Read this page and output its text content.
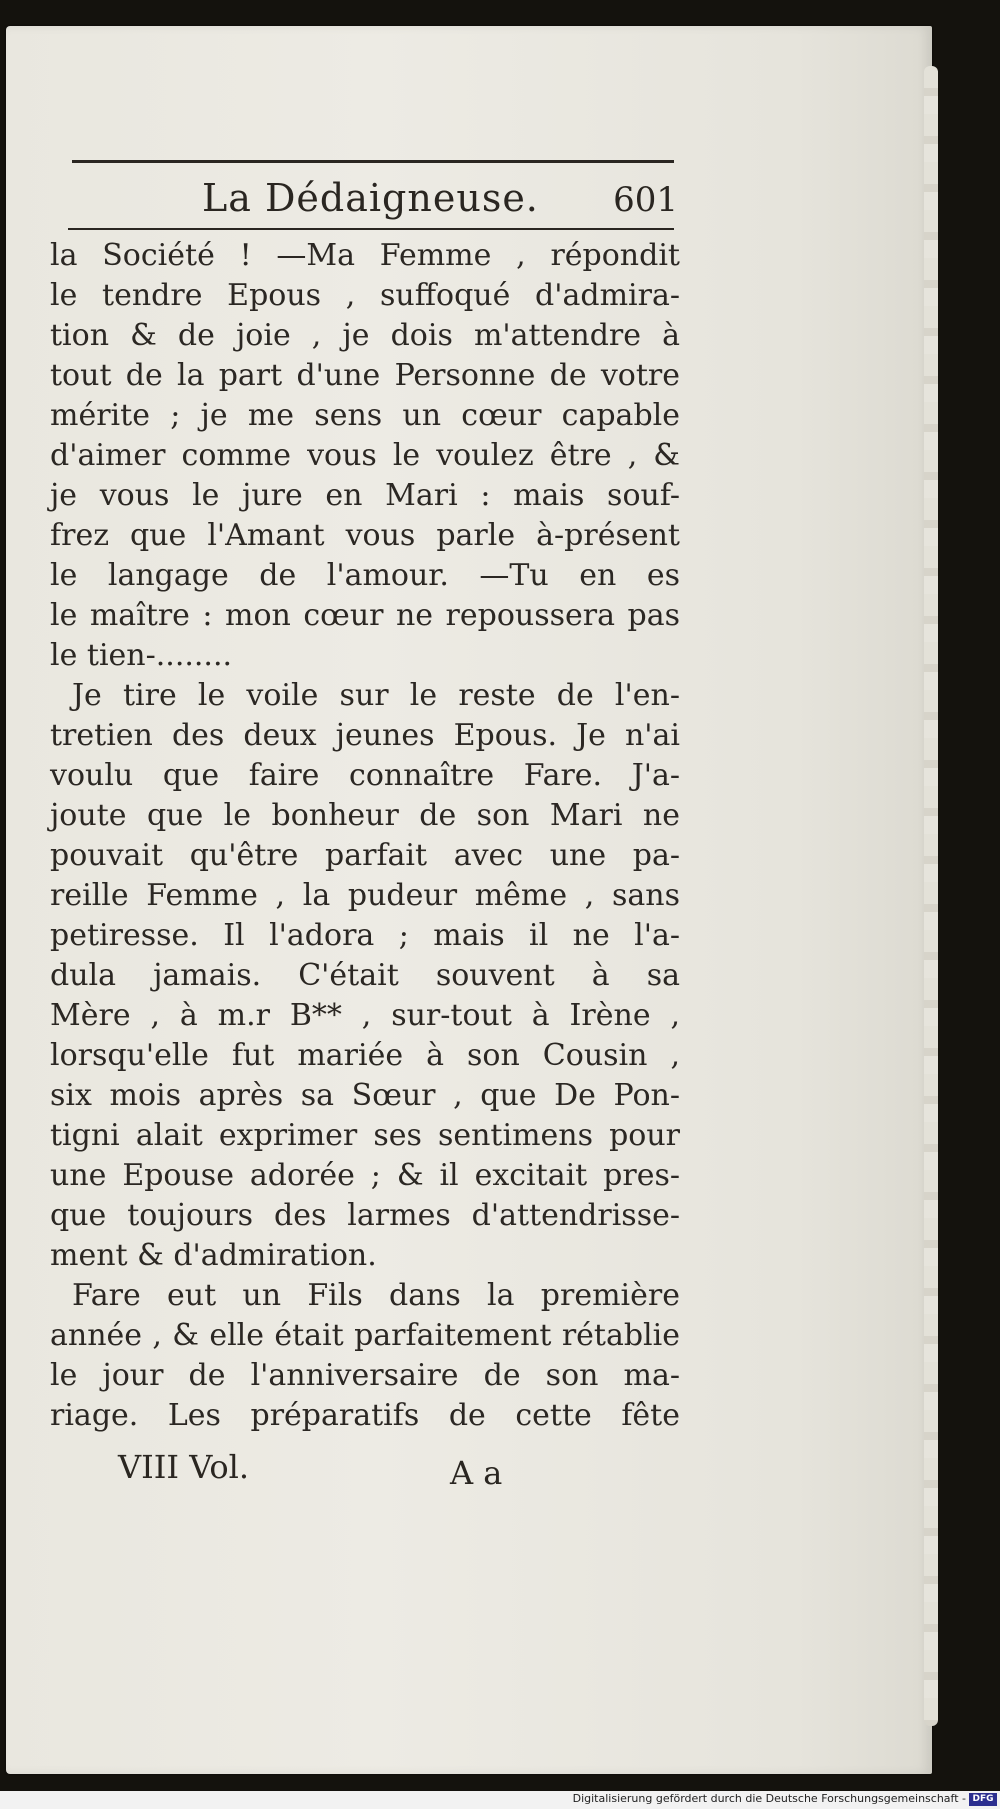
La Dédaigneuse. 601
la Société ! —Ma Femme , répondit
le tendre Epous , suffoqué d'admira-
tion & de joie , je dois m'attendre à
tout de la part d'une Personne de votre
mérite ; je me sens un cœur capable
d'aimer comme vous le voulez être , &
je vous le jure en Mari : mais souf-
frez que l'Amant vous parle à-présent
le langage de l'amour. —Tu en es
le maître : mon cœur ne repoussera pas
le tien-........
Je tire le voile sur le reste de l'en-
tretien des deux jeunes Epous. Je n'ai
voulu que faire connaître Fare. J'a-
joute que le bonheur de son Mari ne
pouvait qu'être parfait avec une pa-
reille Femme , la pudeur même , sans
petiresse. Il l'adora ; mais il ne l'a-
dula jamais. C'était souvent à sa
Mère , à m.r B** , sur-tout à Irène ,
lorsqu'elle fut mariée à son Cousin ,
six mois après sa Sœur , que De Pon-
tigni alait exprimer ses sentimens pour
une Epouse adorée ; & il excitait pres-
que toujours des larmes d'attendrisse-
ment & d'admiration.
Fare eut un Fils dans la première
année , & elle était parfaitement rétablie
le jour de l'anniversaire de son ma-
riage. Les préparatifs de cette fête
VIII Vol.	A a
Digitalisierung gefördert durch die Deutsche Forschungsgemeinschaft - DFG
